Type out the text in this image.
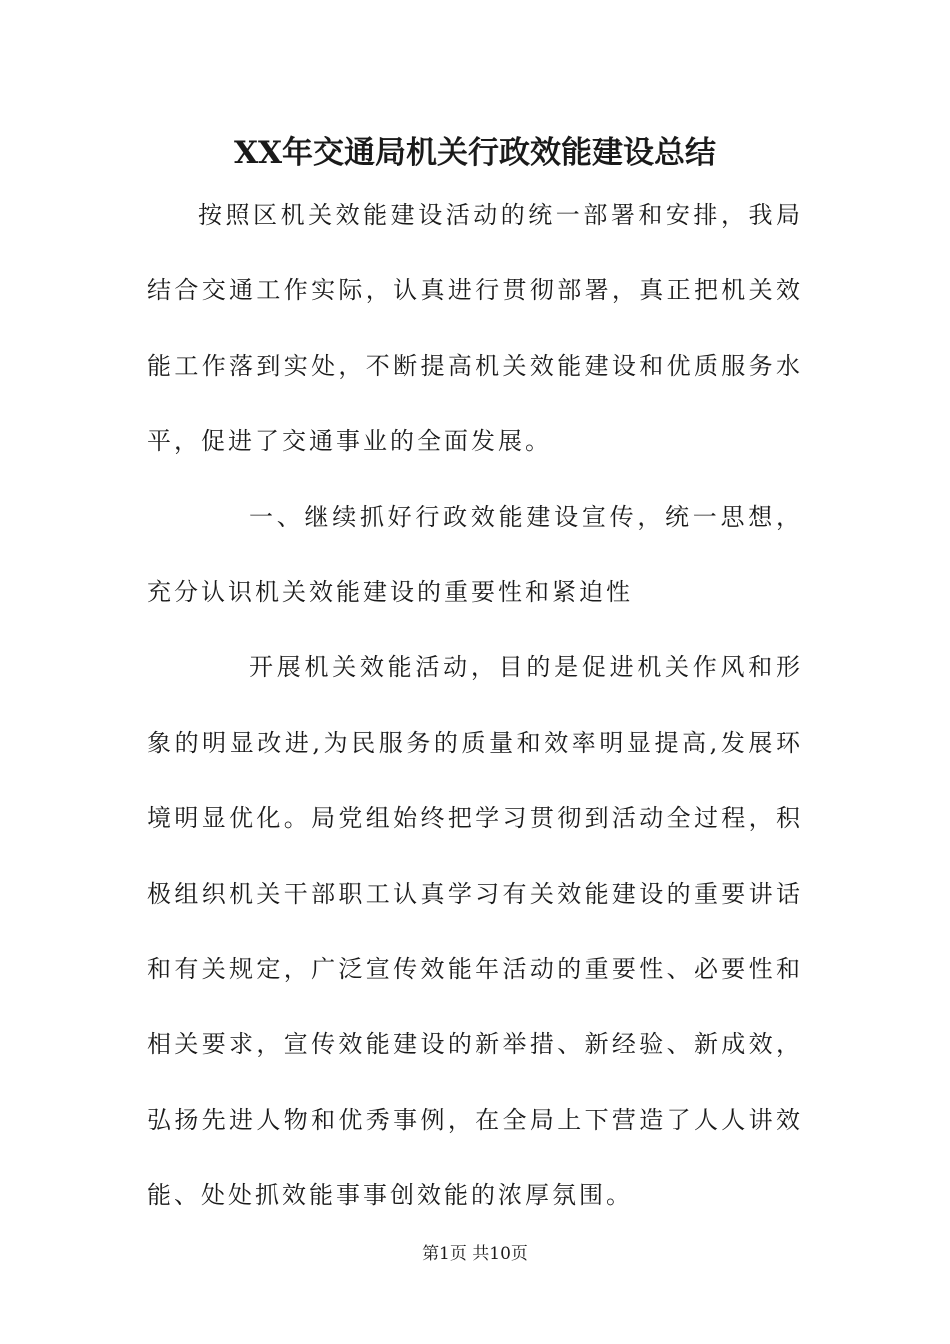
XX年交通局机关行政效能建设总结

按照区机关效能建设活动的统一部署和安排，我局结合交通工作实际，认真进行贯彻部署，真正把机关效能工作落到实处，不断提高机关效能建设和优质服务水平，促进了交通事业的全面发展。

一、继续抓好行政效能建设宣传，统一思想，充分认识机关效能建设的重要性和紧迫性

开展机关效能活动，目的是促进机关作风和形象的明显改进,为民服务的质量和效率明显提高,发展环境明显优化。局党组始终把学习贯彻到活动全过程，积极组织机关干部职工认真学习有关效能建设的重要讲话和有关规定，广泛宣传效能年活动的重要性、必要性和相关要求，宣传效能建设的新举措、新经验、新成效，弘扬先进人物和优秀事例，在全局上下营造了人人讲效能、处处抓效能事事创效能的浓厚氛围。

第1页 共10页
